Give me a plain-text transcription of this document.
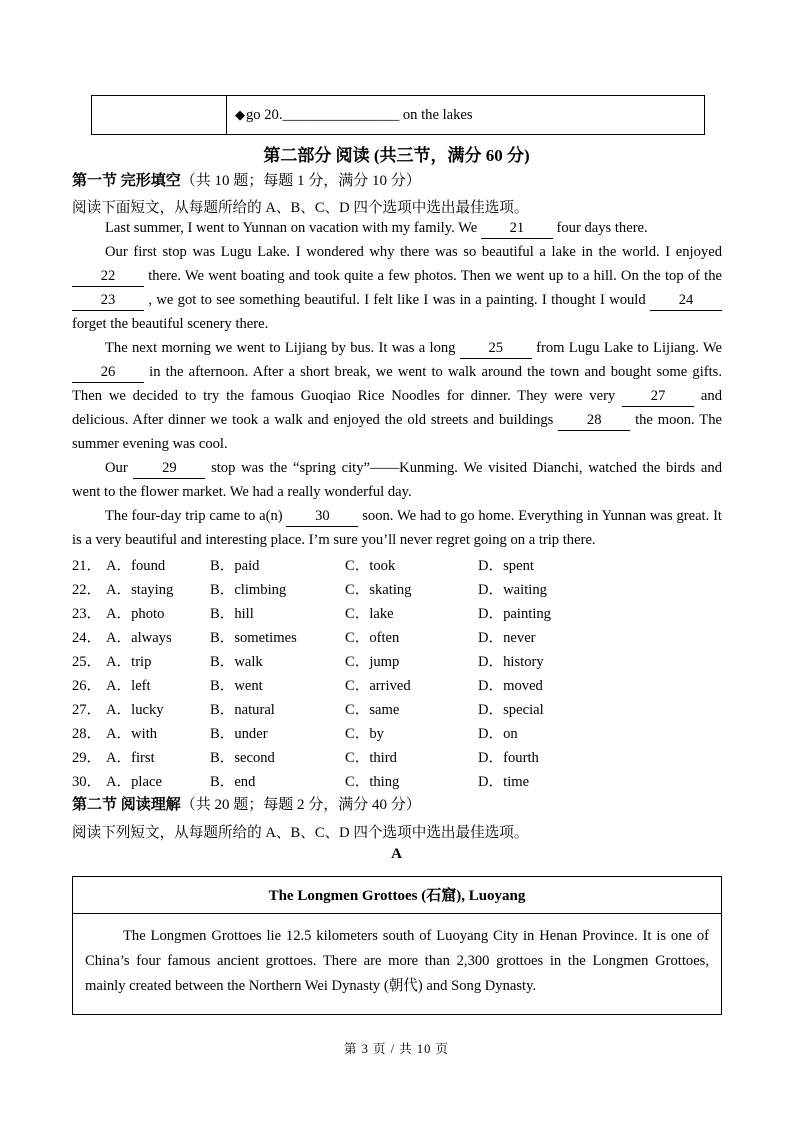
◆ go 20.________________ on the lakes
第二部分 阅读 (共三节，满分 60 分)
第一节 完形填空（共 10 题；每题 1 分，满分 10 分）
阅读下面短文，从每题所给的 A、B、C、D 四个选项中选出最佳选项。

Last summer, I went to Yunnan on vacation with my family. We 21 four days there.

Our first stop was Lugu Lake. I wondered why there was so beautiful a lake in the world. I enjoyed 22 there. We went boating and took quite a few photos. Then we went up to a hill. On the top of the 23 , we got to see something beautiful. I felt like I was in a painting. I thought I would 24 forget the beautiful scenery there.

The next morning we went to Lijiang by bus. It was a long 25 from Lugu Lake to Lijiang. We 26 in the afternoon. After a short break, we went to walk around the town and bought some gifts. Then we decided to try the famous Guoqiao Rice Noodles for dinner. They were very 27 and delicious. After dinner we took a walk and enjoyed the old streets and buildings 28 the moon. The summer evening was cool.

Our 29 stop was the “spring city”——Kunming. We visited Dianchi, watched the birds and went to the flower market. We had a really wonderful day.

The four-day trip came to a(n) 30 soon. We had to go home. Everything in Yunnan was great. It is a very beautiful and interesting place. I’m sure you’ll never regret going on a trip there.

21． A．found	B．paid	C．took	D．spent
22． A．staying	B．climbing	C．skating	D．waiting
23． A．photo	B．hill	C．lake	D．painting
24． A．always	B．sometimes	C．often	D．never
25． A．trip	B．walk	C．jump	D．history
26． A．left	B．went	C．arrived	D．moved
27． A．lucky	B．natural	C．same	D．special
28． A．with	B．under	C．by	D．on
29． A．first	B．second	C．third	D．fourth
30． A．place	B．end	C．thing	D．time
第二节 阅读理解（共 20 题；每题 2 分，满分 40 分）
阅读下列短文，从每题所给的 A、B、C、D 四个选项中选出最佳选项。
A
The Longmen Grottoes (石窟), Luoyang
The Longmen Grottoes lie 12.5 kilometers south of Luoyang City in Henan Province. It is one of China’s four famous ancient grottoes. There are more than 2,300 grottoes in the Longmen Grottoes, mainly created between the Northern Wei Dynasty (朝代) and Song Dynasty.
第 3 页 / 共 10 页
